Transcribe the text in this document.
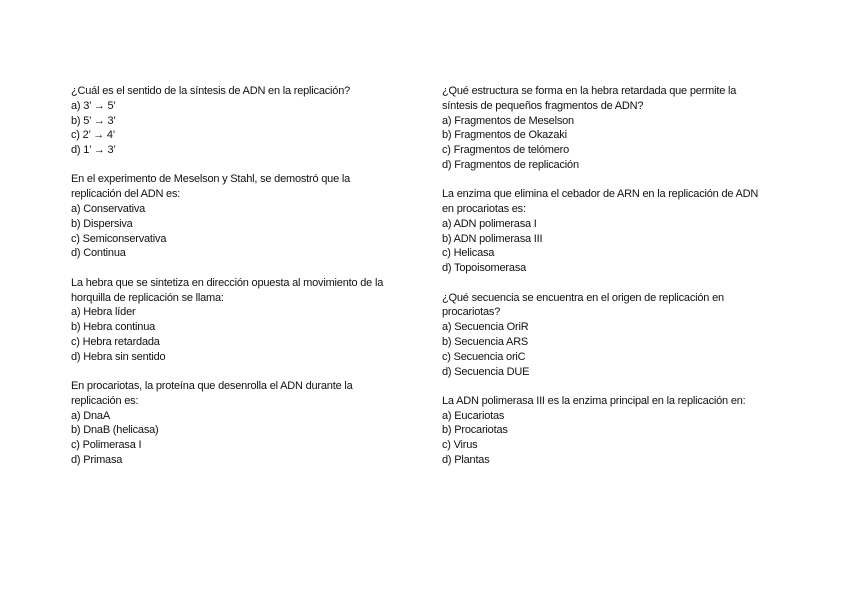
¿Cuál es el sentido de la síntesis de ADN en la replicación?
a) 3’ → 5’
b) 5’ → 3’
c) 2’ → 4’
d) 1’ → 3’
En el experimento de Meselson y Stahl, se demostró que la
replicación del ADN es:
a) Conservativa
b) Dispersiva
c) Semiconservativa
d) Continua
La hebra que se sintetiza en dirección opuesta al movimiento de la
horquilla de replicación se llama:
a) Hebra líder
b) Hebra continua
c) Hebra retardada
d) Hebra sin sentido
En procariotas, la proteína que desenrolla el ADN durante la
replicación es:
a) DnaA
b) DnaB (helicasa)
c) Polimerasa I
d) Primasa
¿Qué estructura se forma en la hebra retardada que permite la
síntesis de pequeños fragmentos de ADN?
a) Fragmentos de Meselson
b) Fragmentos de Okazaki
c) Fragmentos de telómero
d) Fragmentos de replicación
La enzima que elimina el cebador de ARN en la replicación de ADN
en procariotas es:
a) ADN polimerasa I
b) ADN polimerasa III
c) Helicasa
d) Topoisomerasa
¿Qué secuencia se encuentra en el origen de replicación en
procariotas?
a) Secuencia OriR
b) Secuencia ARS
c) Secuencia oriC
d) Secuencia DUE
La ADN polimerasa III es la enzima principal en la replicación en:
a) Eucariotas
b) Procariotas
c) Virus
d) Plantas
